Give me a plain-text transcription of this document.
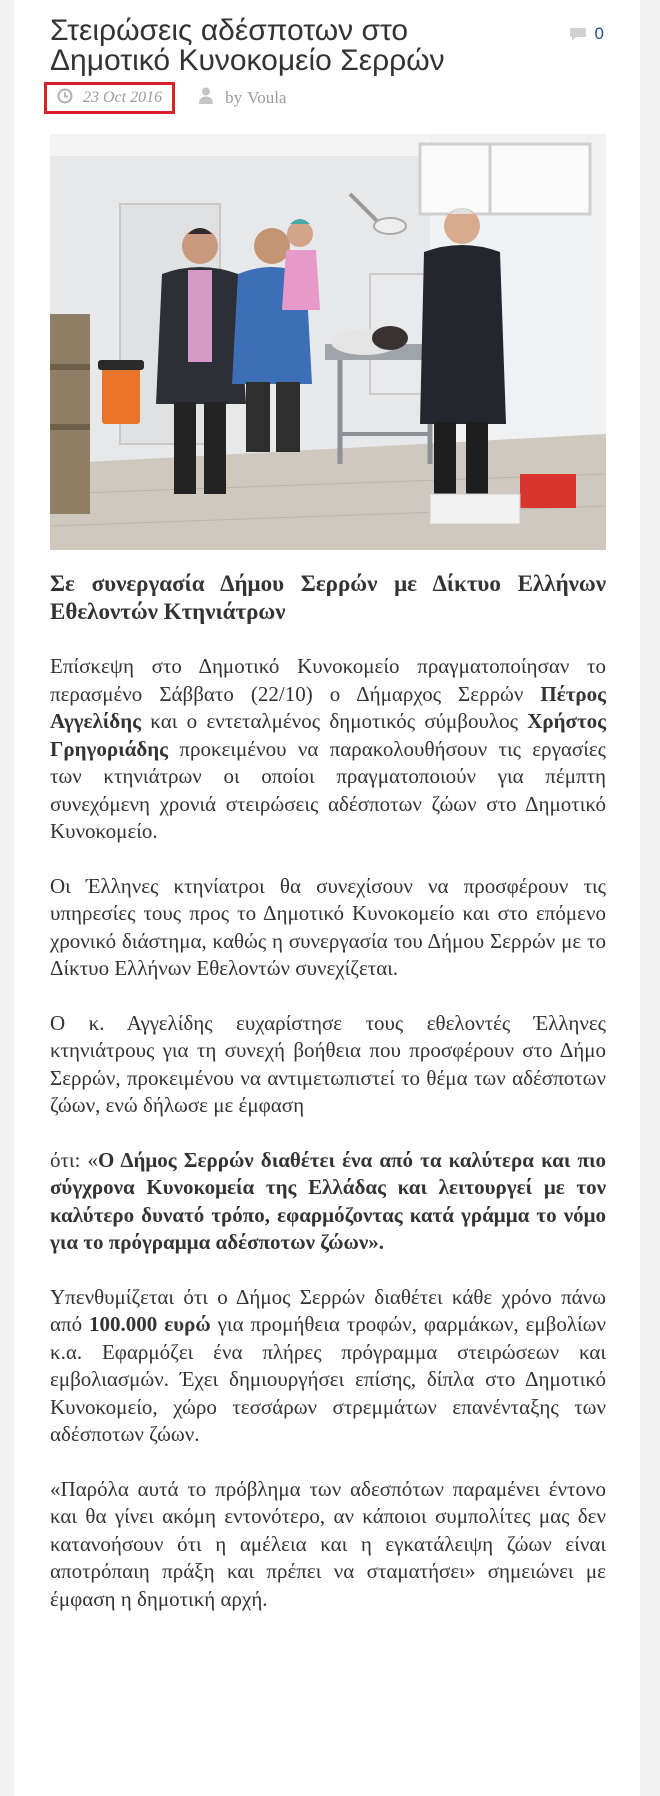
Στειρώσεις αδέσποτων στο Δημοτικό Κυνοκομείο Σερρών
0
23 Oct 2016	by Voula

Σε συνεργασία Δήμου Σερρών με Δίκτυο Ελλήνων Εθελοντών Κτηνιάτρων

Επίσκεψη στο Δημοτικό Κυνοκομείο πραγματοποίησαν το περασμένο Σάββατο (22/10) ο Δήμαρχος Σερρών Πέτρος Αγγελίδης και ο εντεταλμένος δημοτικός σύμβουλος Χρήστος Γρηγοριάδης προκειμένου να παρακολουθήσουν τις εργασίες των κτηνιάτρων οι οποίοι πραγματοποιούν για πέμπτη συνεχόμενη χρονιά στειρώσεις αδέσποτων ζώων στο Δημοτικό Κυνοκομείο.

Οι Έλληνες κτηνίατροι θα συνεχίσουν να προσφέρουν τις υπηρεσίες τους προς το Δημοτικό Κυνοκομείο και στο επόμενο χρονικό διάστημα, καθώς η συνεργασία του Δήμου Σερρών με το Δίκτυο Ελλήνων Εθελοντών συνεχίζεται.

Ο κ. Αγγελίδης ευχαρίστησε τους εθελοντές Έλληνες κτηνιάτρους για τη συνεχή βοήθεια που προσφέρουν στο Δήμο Σερρών, προκειμένου να αντιμετωπιστεί το θέμα των αδέσποτων ζώων, ενώ δήλωσε με έμφαση

ότι: «Ο Δήμος Σερρών διαθέτει ένα από τα καλύτερα και πιο σύγχρονα Κυνοκομεία της Ελλάδας και λειτουργεί με τον καλύτερο δυνατό τρόπο, εφαρμόζοντας κατά γράμμα το νόμο για το πρόγραμμα αδέσποτων ζώων».

Υπενθυμίζεται ότι ο Δήμος Σερρών διαθέτει κάθε χρόνο πάνω από 100.000 ευρώ για προμήθεια τροφών, φαρμάκων, εμβολίων κ.α. Εφαρμόζει ένα πλήρες πρόγραμμα στειρώσεων και εμβολιασμών. Έχει δημιουργήσει επίσης, δίπλα στο Δημοτικό Κυνοκομείο, χώρο τεσσάρων στρεμμάτων επανένταξης των αδέσποτων ζώων.

«Παρόλα αυτά το πρόβλημα των αδεσπότων παραμένει έντονο και θα γίνει ακόμη εντονότερο, αν κάποιοι συμπολίτες μας δεν κατανοήσουν ότι η αμέλεια και η εγκατάλειψη ζώων είναι αποτρόπαιη πράξη και πρέπει να σταματήσει» σημειώνει με έμφαση η δημοτική αρχή.
